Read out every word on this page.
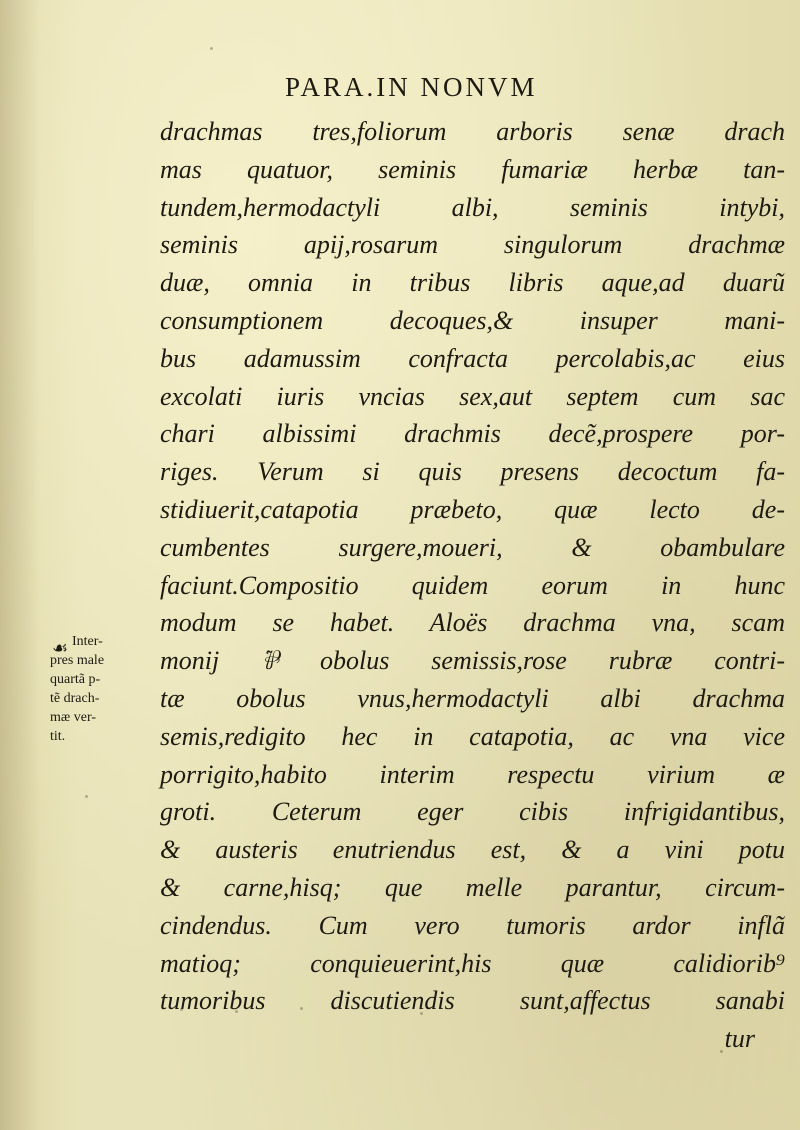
PARA.IN NONVM
drachmas tres,foliorum arboris senæ drach
mas quatuor, seminis fumariæ herbæ tan-
tundem,hermodactyli albi, seminis intybi,
seminis apij,rosarum singulorum drachmæ
duæ, omnia in tribus libris aque,ad duarũ
consumptionem decoques,& insuper mani-
bus adamussim confracta percolabis,ac eius
excolati iuris vncias sex,aut septem cum sac
chari albissimi drachmis decẽ,prospere por-
riges. Verum si quis presens decoctum fa-
stidiuerit,catapotia præbeto, quæ lecto de-
cumbentes surgere,moueri, & obambulare
faciunt.Compositio quidem eorum in hunc
modum se habet. Aloës drachma vna, scam
monij ⅌ obolus semissis,rose rubræ contri-
tæ obolus vnus,hermodactyli albi drachma
semis,redigito hec in catapotia, ac vna vice
porrigito,habito interim respectu virium æ
groti. Ceterum eger cibis infrigidantibus,
& austeris enutriendus est, & a vini potu
& carne,hisq; que melle parantur, circum-
cindendus. Cum vero tumoris ardor inflã
matioq; conquieuerint,his quæ calidiorib⁹
tumoribus discutiendis sunt,affectus sanabi
tur
Inter-
pres male
quartã p-
tẽ drach-
mæ ver-
tit.
☙
